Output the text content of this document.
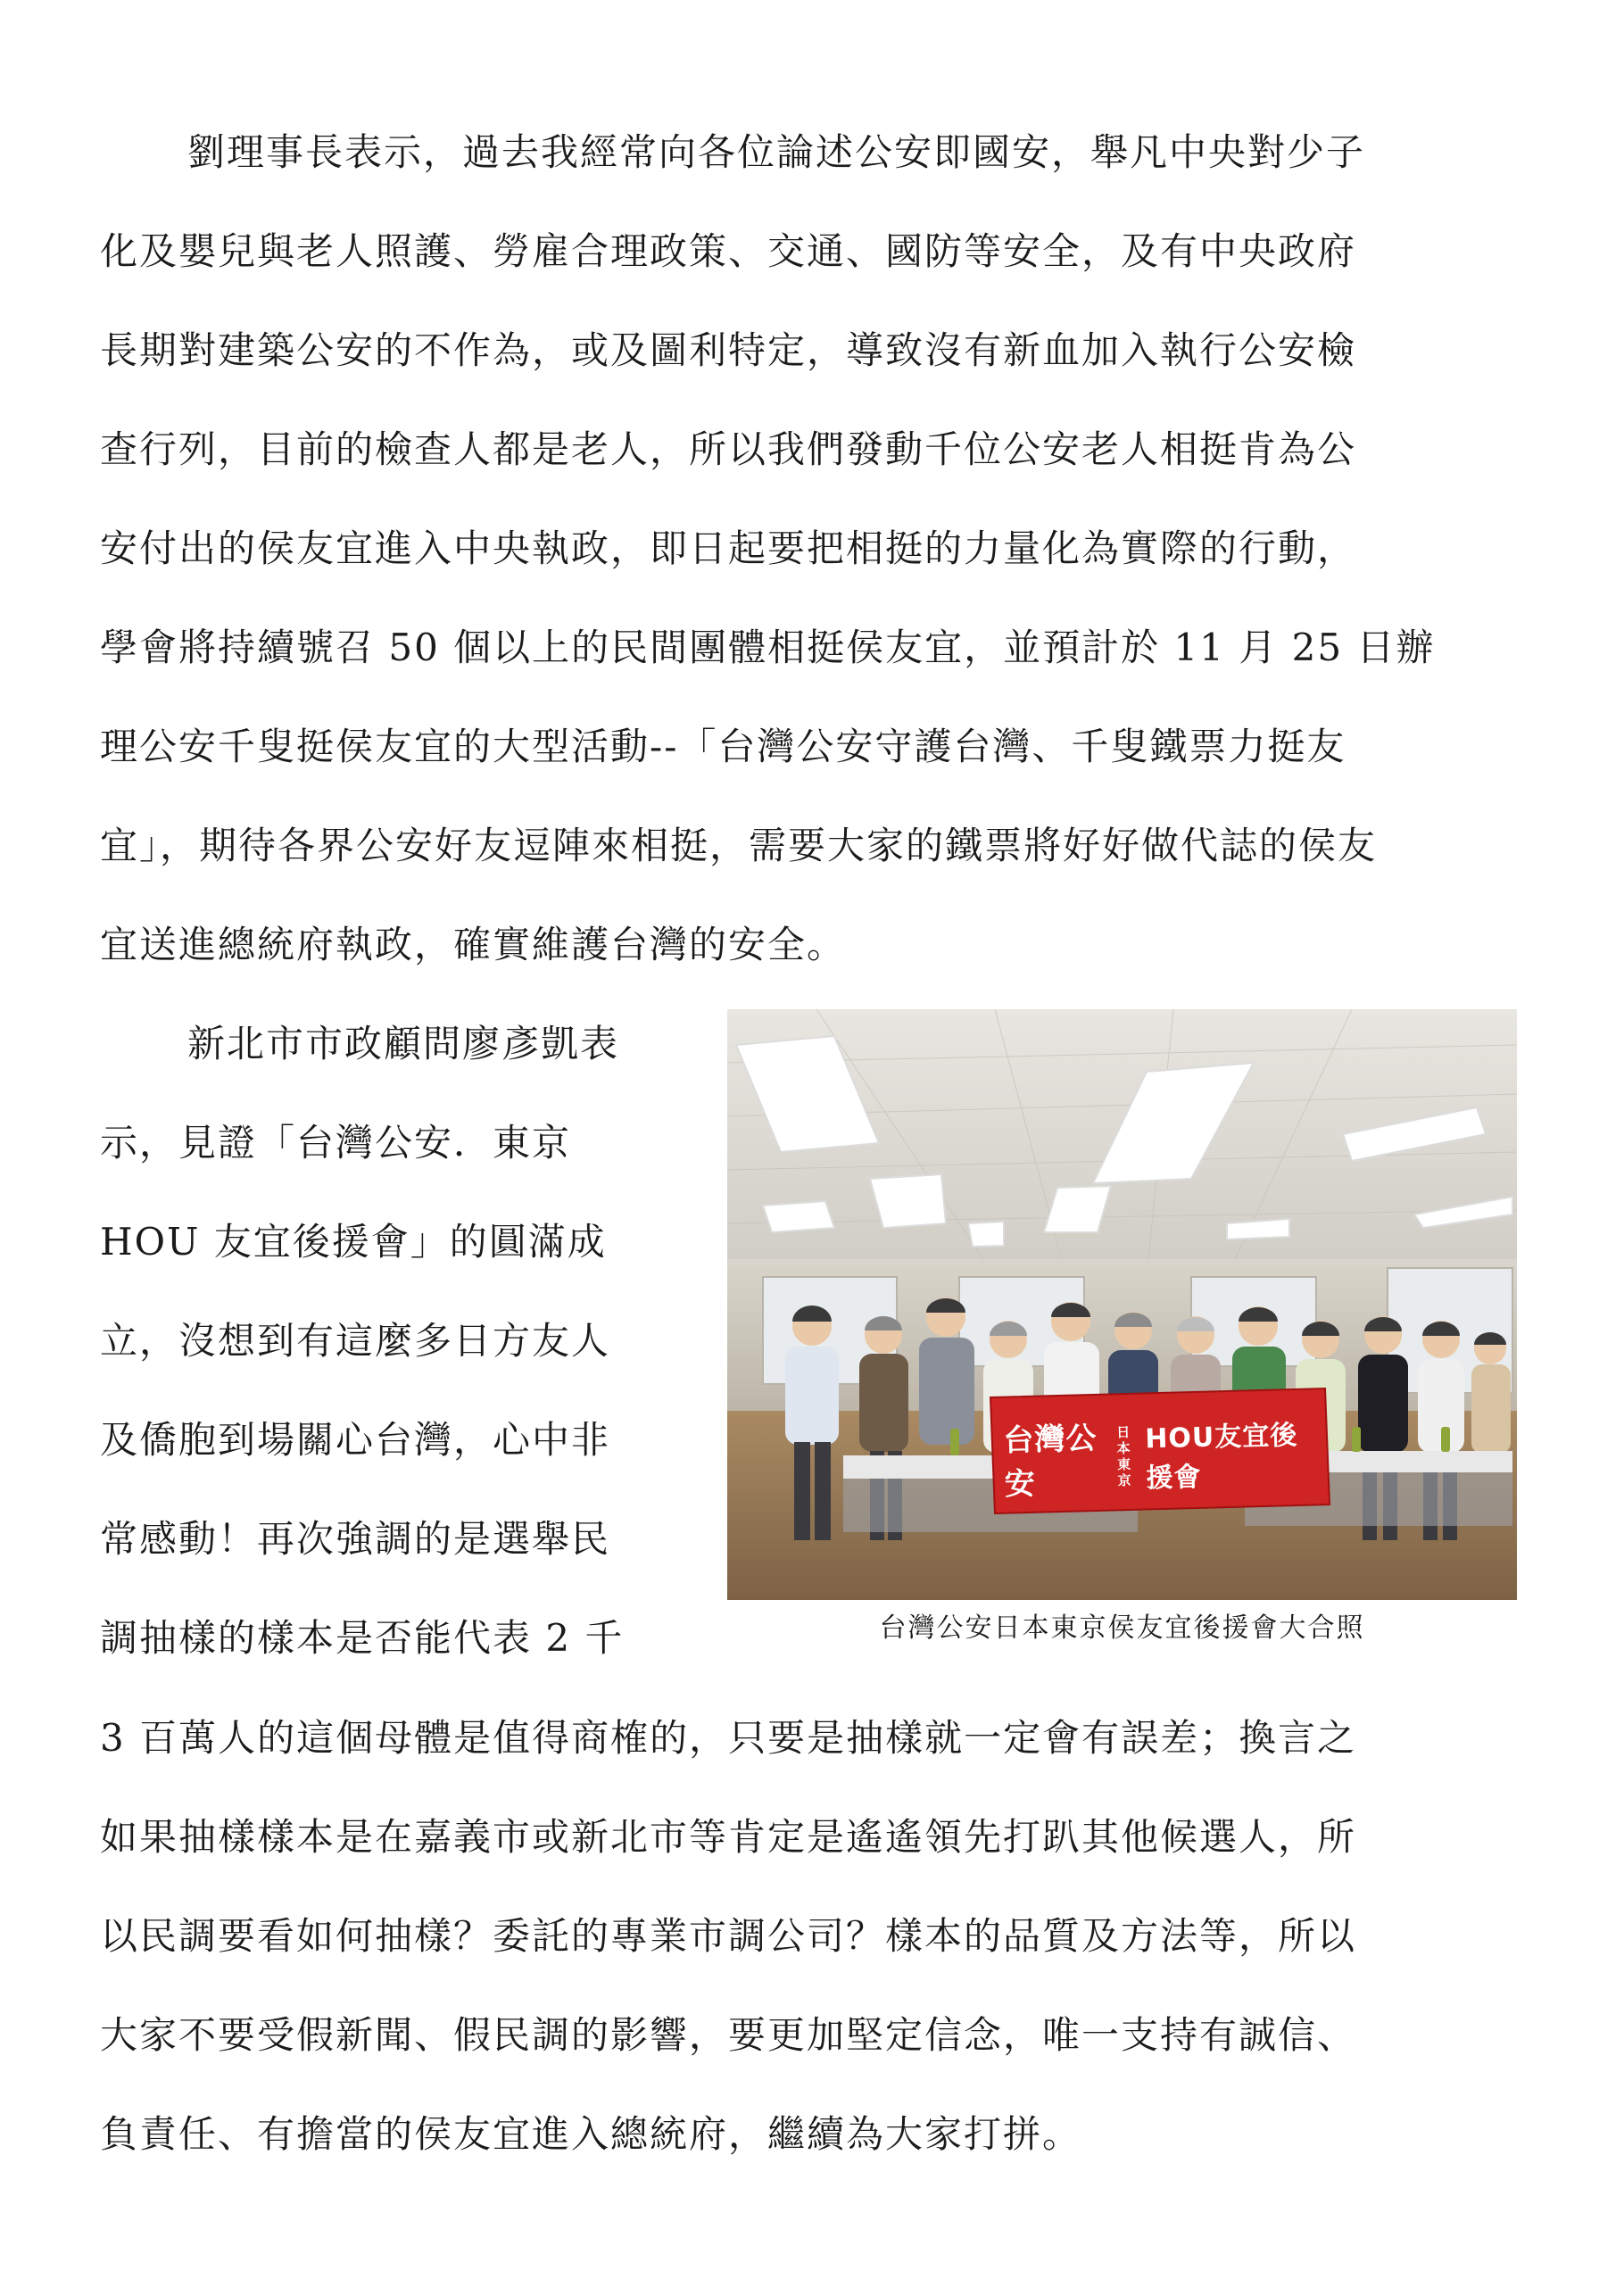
劉理事長表示，過去我經常向各位論述公安即國安，舉凡中央對少子
化及嬰兒與老人照護、勞雇合理政策、交通、國防等安全，及有中央政府
長期對建築公安的不作為，或及圖利特定，導致沒有新血加入執行公安檢
查行列，目前的檢查人都是老人，所以我們發動千位公安老人相挺肯為公
安付出的侯友宜進入中央執政，即日起要把相挺的力量化為實際的行動，
學會將持續號召 50 個以上的民間團體相挺侯友宜，並預計於 11 月 25 日辦
理公安千叟挺侯友宜的大型活動--「台灣公安守護台灣、千叟鐵票力挺友
宜」，期待各界公安好友逗陣來相挺，需要大家的鐵票將好好做代誌的侯友
宜送進總統府執政，確實維護台灣的安全。
新北市市政顧問廖彥凱表
示，見證「台灣公安．東京
HOU 友宜後援會」的圓滿成
立，沒想到有這麼多日方友人
及僑胞到場關心台灣，心中非
常感動！再次強調的是選舉民
調抽樣的樣本是否能代表 2 千
台灣公安
日本
東京
HOU友宜後援會
台灣公安日本東京侯友宜後援會大合照
3 百萬人的這個母體是值得商榷的，只要是抽樣就一定會有誤差；換言之
如果抽樣樣本是在嘉義市或新北市等肯定是遙遙領先打趴其他候選人，所
以民調要看如何抽樣？委託的專業市調公司？樣本的品質及方法等，所以
大家不要受假新聞、假民調的影響，要更加堅定信念，唯一支持有誠信、
負責任、有擔當的侯友宜進入總統府，繼續為大家打拼。
